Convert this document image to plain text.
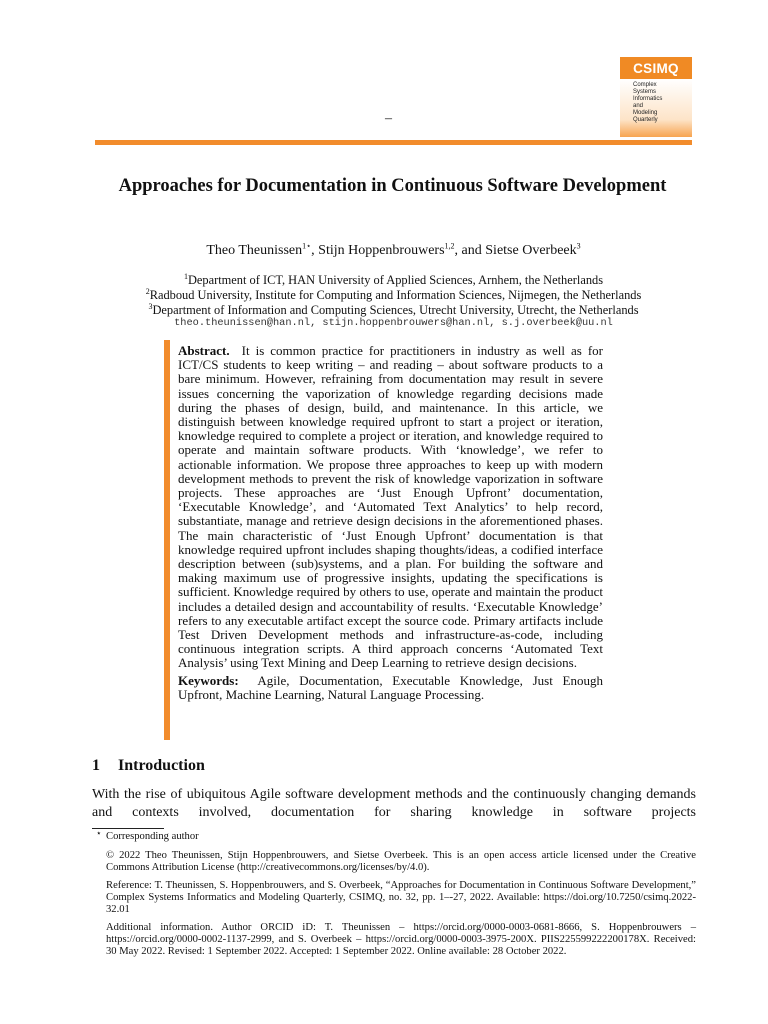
CSIMQ
Complex
Systems
Informatics
and
Modeling
Quarterly
–
Approaches for Documentation in Continuous Software Development
Theo Theunissen$^{1⋆}$, Stijn Hoppenbrouwers$^{1,2}$, and Sietse Overbeek$^3$
$^1$Department of ICT, HAN University of Applied Sciences, Arnhem, the Netherlands
$^2$Radboud University, Institute for Computing and Information Sciences, Nijmegen, the Netherlands
$^3$Department of Information and Computing Sciences, Utrecht University, Utrecht, the Netherlands
theo.theunissen@han.nl, stijn.hoppenbrouwers@han.nl, s.j.overbeek@uu.nl

Abstract. It is common practice for practitioners in industry as well as for ICT/CS students to keep writing – and reading – about software products to a bare minimum. However, refraining from documentation may result in severe issues concerning the vaporization of knowledge regarding decisions made during the phases of design, build, and maintenance. In this article, we distinguish between knowledge required upfront to start a project or iteration, knowledge required to complete a project or iteration, and knowledge required to operate and maintain software products. With ‘knowledge’, we refer to actionable information. We propose three approaches to keep up with modern development methods to prevent the risk of knowledge vaporization in software projects. These approaches are ‘Just Enough Upfront’ documentation, ‘Executable Knowledge’, and ‘Automated Text Analytics’ to help record, substantiate, manage and retrieve design decisions in the aforementioned phases. The main characteristic of ‘Just Enough Upfront’ documentation is that knowledge required upfront includes shaping thoughts/ideas, a codified interface description between (sub)systems, and a plan. For building the software and making maximum use of progressive insights, updating the specifications is sufficient. Knowledge required by others to use, operate and maintain the product includes a detailed design and accountability of results. ‘Executable Knowledge’ refers to any executable artifact except the source code. Primary artifacts include Test Driven Development methods and infrastructure-as-code, including continuous integration scripts. A third approach concerns ‘Automated Text Analysis’ using Text Mining and Deep Learning to retrieve design decisions.

Keywords: Agile, Documentation, Executable Knowledge, Just Enough Upfront, Machine Learning, Natural Language Processing.

1 Introduction
With the rise of ubiquitous Agile software development methods and the continuously changing demands and contexts involved, documentation for sharing knowledge in software projects
⋆ Corresponding author
© 2022 Theo Theunissen, Stijn Hoppenbrouwers, and Sietse Overbeek. This is an open access article licensed under the Creative Commons Attribution License (http://creativecommons.org/licenses/by/4.0).
Reference: T. Theunissen, S. Hoppenbrouwers, and S. Overbeek, “Approaches for Documentation in Continuous Software Development,” Complex Systems Informatics and Modeling Quarterly, CSIMQ, no. 32, pp. 1–-27, 2022. Available: https://doi.org/10.7250/csimq.2022-32.01
Additional information. Author ORCID iD: T. Theunissen – https://orcid.org/0000-0003-0681-8666, S. Hoppenbrouwers – https://orcid.org/0000-0002-1137-2999, and S. Overbeek – https://orcid.org/0000-0003-3975-200X. PIIS225599222200178X. Received: 30 May 2022. Revised: 1 September 2022. Accepted: 1 September 2022. Online available: 28 October 2022.
